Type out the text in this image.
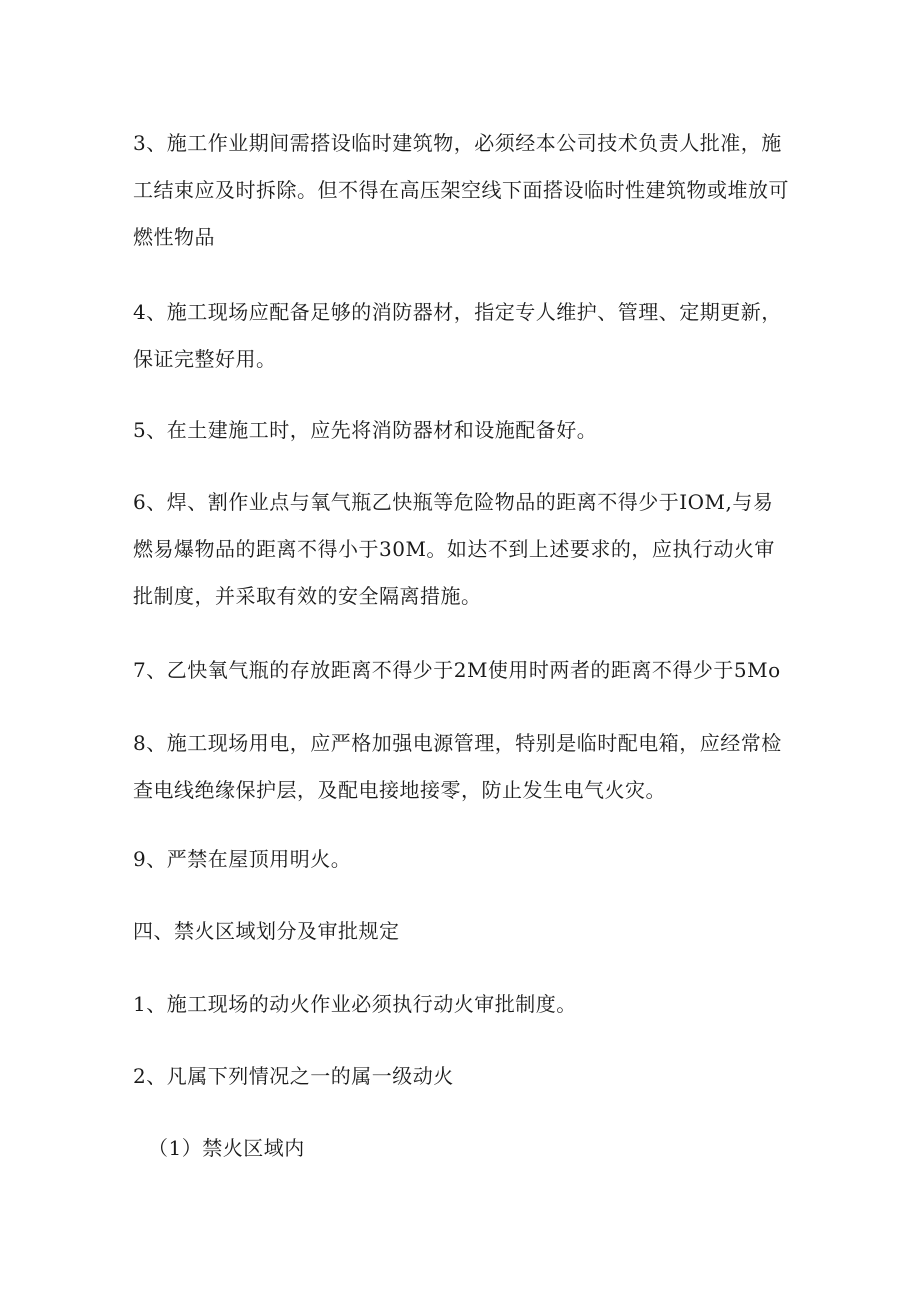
3、施工作业期间需搭设临时建筑物，必须经本公司技术负责人批准，施工结束应及时拆除。但不得在高压架空线下面搭设临时性建筑物或堆放可燃性物品

4、施工现场应配备足够的消防器材，指定专人维护、管理、定期更新，保证完整好用。

5、在土建施工时，应先将消防器材和设施配备好。

6、焊、割作业点与氧气瓶乙快瓶等危险物品的距离不得少于IOM,与易燃易爆物品的距离不得小于30M。如达不到上述要求的，应执行动火审批制度，并采取有效的安全隔离措施。

7、乙快氧气瓶的存放距离不得少于2M使用时两者的距离不得少于5Mo

8、施工现场用电，应严格加强电源管理，特别是临时配电箱，应经常检查电线绝缘保护层，及配电接地接零，防止发生电气火灾。

9、严禁在屋顶用明火。

四、禁火区域划分及审批规定

1、施工现场的动火作业必须执行动火审批制度。

2、凡属下列情况之一的属一级动火

（1）禁火区域内
